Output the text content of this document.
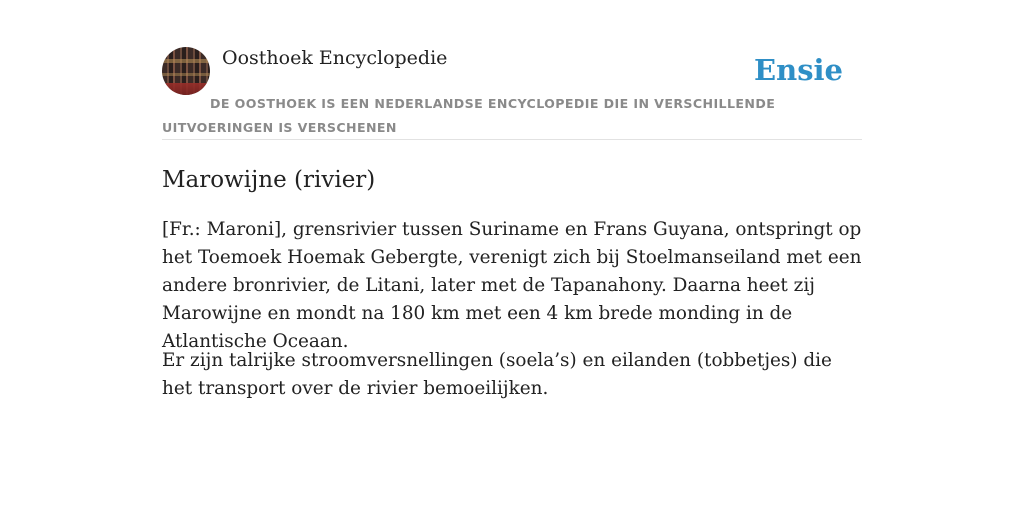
Oosthoek Encyclopedie	Ensie
DE OOSTHOEK IS EEN NEDERLANDSE ENCYCLOPEDIE DIE IN VERSCHILLENDE UITVOERINGEN IS VERSCHENEN
Marowijne (rivier)

[Fr.: Maroni], grensrivier tussen Suriname en Frans Guyana, ontspringt op het Toemoek Hoemak Gebergte, verenigt zich bij Stoelmanseiland met een andere bronrivier, de Litani, later met de Tapanahony. Daarna heet zij Marowijne en mondt na 180 km met een 4 km brede monding in de Atlantische Oceaan.

Er zijn talrijke stroomversnellingen (soela’s) en eilanden (tobbetjes) die het transport over de rivier bemoeilijken.
